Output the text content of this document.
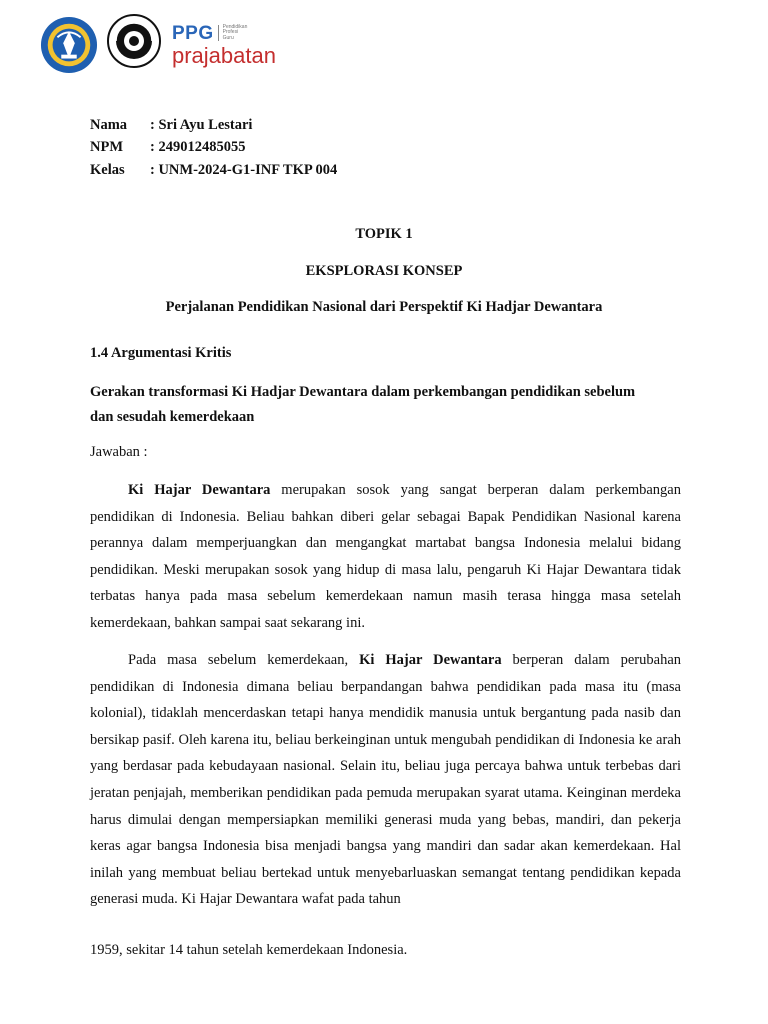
PPG Pendidikan
Profesi
Guru
prajabatan
Nama	: Sri Ayu Lestari
NPM	: 249012485055
Kelas	: UNM-2024-G1-INF TKP 004
TOPIK 1
EKSPLORASI KONSEP
Perjalanan Pendidikan Nasional dari Perspektif Ki Hadjar Dewantara
1.4 Argumentasi Kritis
Gerakan transformasi Ki Hadjar Dewantara dalam perkembangan pendidikan sebelum dan sesudah kemerdekaan
Jawaban :

Ki Hajar Dewantara merupakan sosok yang sangat berperan dalam perkembangan pendidikan di Indonesia. Beliau bahkan diberi gelar sebagai Bapak Pendidikan Nasional karena perannya dalam memperjuangkan dan mengangkat martabat bangsa Indonesia melalui bidang pendidikan. Meski merupakan sosok yang hidup di masa lalu, pengaruh Ki Hajar Dewantara tidak terbatas hanya pada masa sebelum kemerdekaan namun masih terasa hingga masa setelah kemerdekaan, bahkan sampai saat sekarang ini.

Pada masa sebelum kemerdekaan, Ki Hajar Dewantara berperan dalam perubahan pendidikan di Indonesia dimana beliau berpandangan bahwa pendidikan pada masa itu (masa kolonial), tidaklah mencerdaskan tetapi hanya mendidik manusia untuk bergantung pada nasib dan bersikap pasif. Oleh karena itu, beliau berkeinginan untuk mengubah pendidikan di Indonesia ke arah yang berdasar pada kebudayaan nasional. Selain itu, beliau juga percaya bahwa untuk terbebas dari jeratan penjajah, memberikan pendidikan pada pemuda merupakan syarat utama. Keinginan merdeka harus dimulai dengan mempersiapkan memiliki generasi muda yang bebas, mandiri, dan pekerja keras agar bangsa Indonesia bisa menjadi bangsa yang mandiri dan sadar akan kemerdekaan. Hal inilah yang membuat beliau bertekad untuk menyebarluaskan semangat tentang pendidikan kepada generasi muda. Ki Hajar Dewantara wafat pada tahun

1959, sekitar 14 tahun setelah kemerdekaan Indonesia.
